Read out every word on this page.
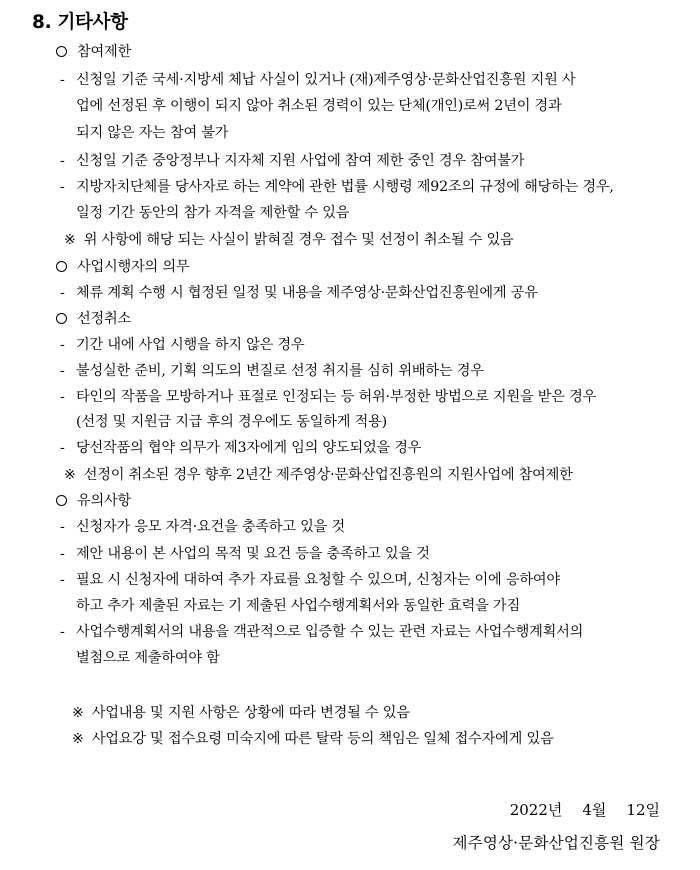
8. 기타사항
참여제한
- 신청일 기준 국세·지방세 체납 사실이 있거나 (재)제주영상·문화산업진흥원 지원 사
업에 선정된 후 이행이 되지 않아 취소된 경력이 있는 단체(개인)로써 2년이 경과
되지 않은 자는 참여 불가
- 신청일 기준 중앙정부나 지자체 지원 사업에 참여 제한 중인 경우 참여불가
- 지방자치단체를 당사자로 하는 계약에 관한 법률 시행령 제92조의 규정에 해당하는 경우,
일정 기간 동안의 참가 자격을 제한할 수 있음
※ 위 사항에 해당 되는 사실이 밝혀질 경우 접수 및 선정이 취소될 수 있음
사업시행자의 의무
- 체류 계획 수행 시 협정된 일정 및 내용을 제주영상·문화산업진흥원에게 공유
선정취소
- 기간 내에 사업 시행을 하지 않은 경우
- 불성실한 준비, 기획 의도의 변질로 선정 취지를 심히 위배하는 경우
- 타인의 작품을 모방하거나 표절로 인정되는 등 허위·부정한 방법으로 지원을 받은 경우
(선정 및 지원금 지급 후의 경우에도 동일하게 적용)
- 당선작품의 협약 의무가 제3자에게 임의 양도되었을 경우
※ 선정이 취소된 경우 향후 2년간 제주영상·문화산업진흥원의 지원사업에 참여제한
유의사항
- 신청자가 응모 자격·요건을 충족하고 있을 것
- 제안 내용이 본 사업의 목적 및 요건 등을 충족하고 있을 것
- 필요 시 신청자에 대하여 추가 자료를 요청할 수 있으며, 신청자는 이에 응하여야
하고 추가 제출된 자료는 기 제출된 사업수행계획서와 동일한 효력을 가짐
- 사업수행계획서의 내용을 객관적으로 입증할 수 있는 관련 자료는 사업수행계획서의
별첨으로 제출하여야 함
※ 사업내용 및 지원 사항은 상황에 따라 변경될 수 있음
※ 사업요강 및 접수요령 미숙지에 따른 탈락 등의 책임은 일체 접수자에게 있음
2022년 4월 12일
제주영상·문화산업진흥원 원장
